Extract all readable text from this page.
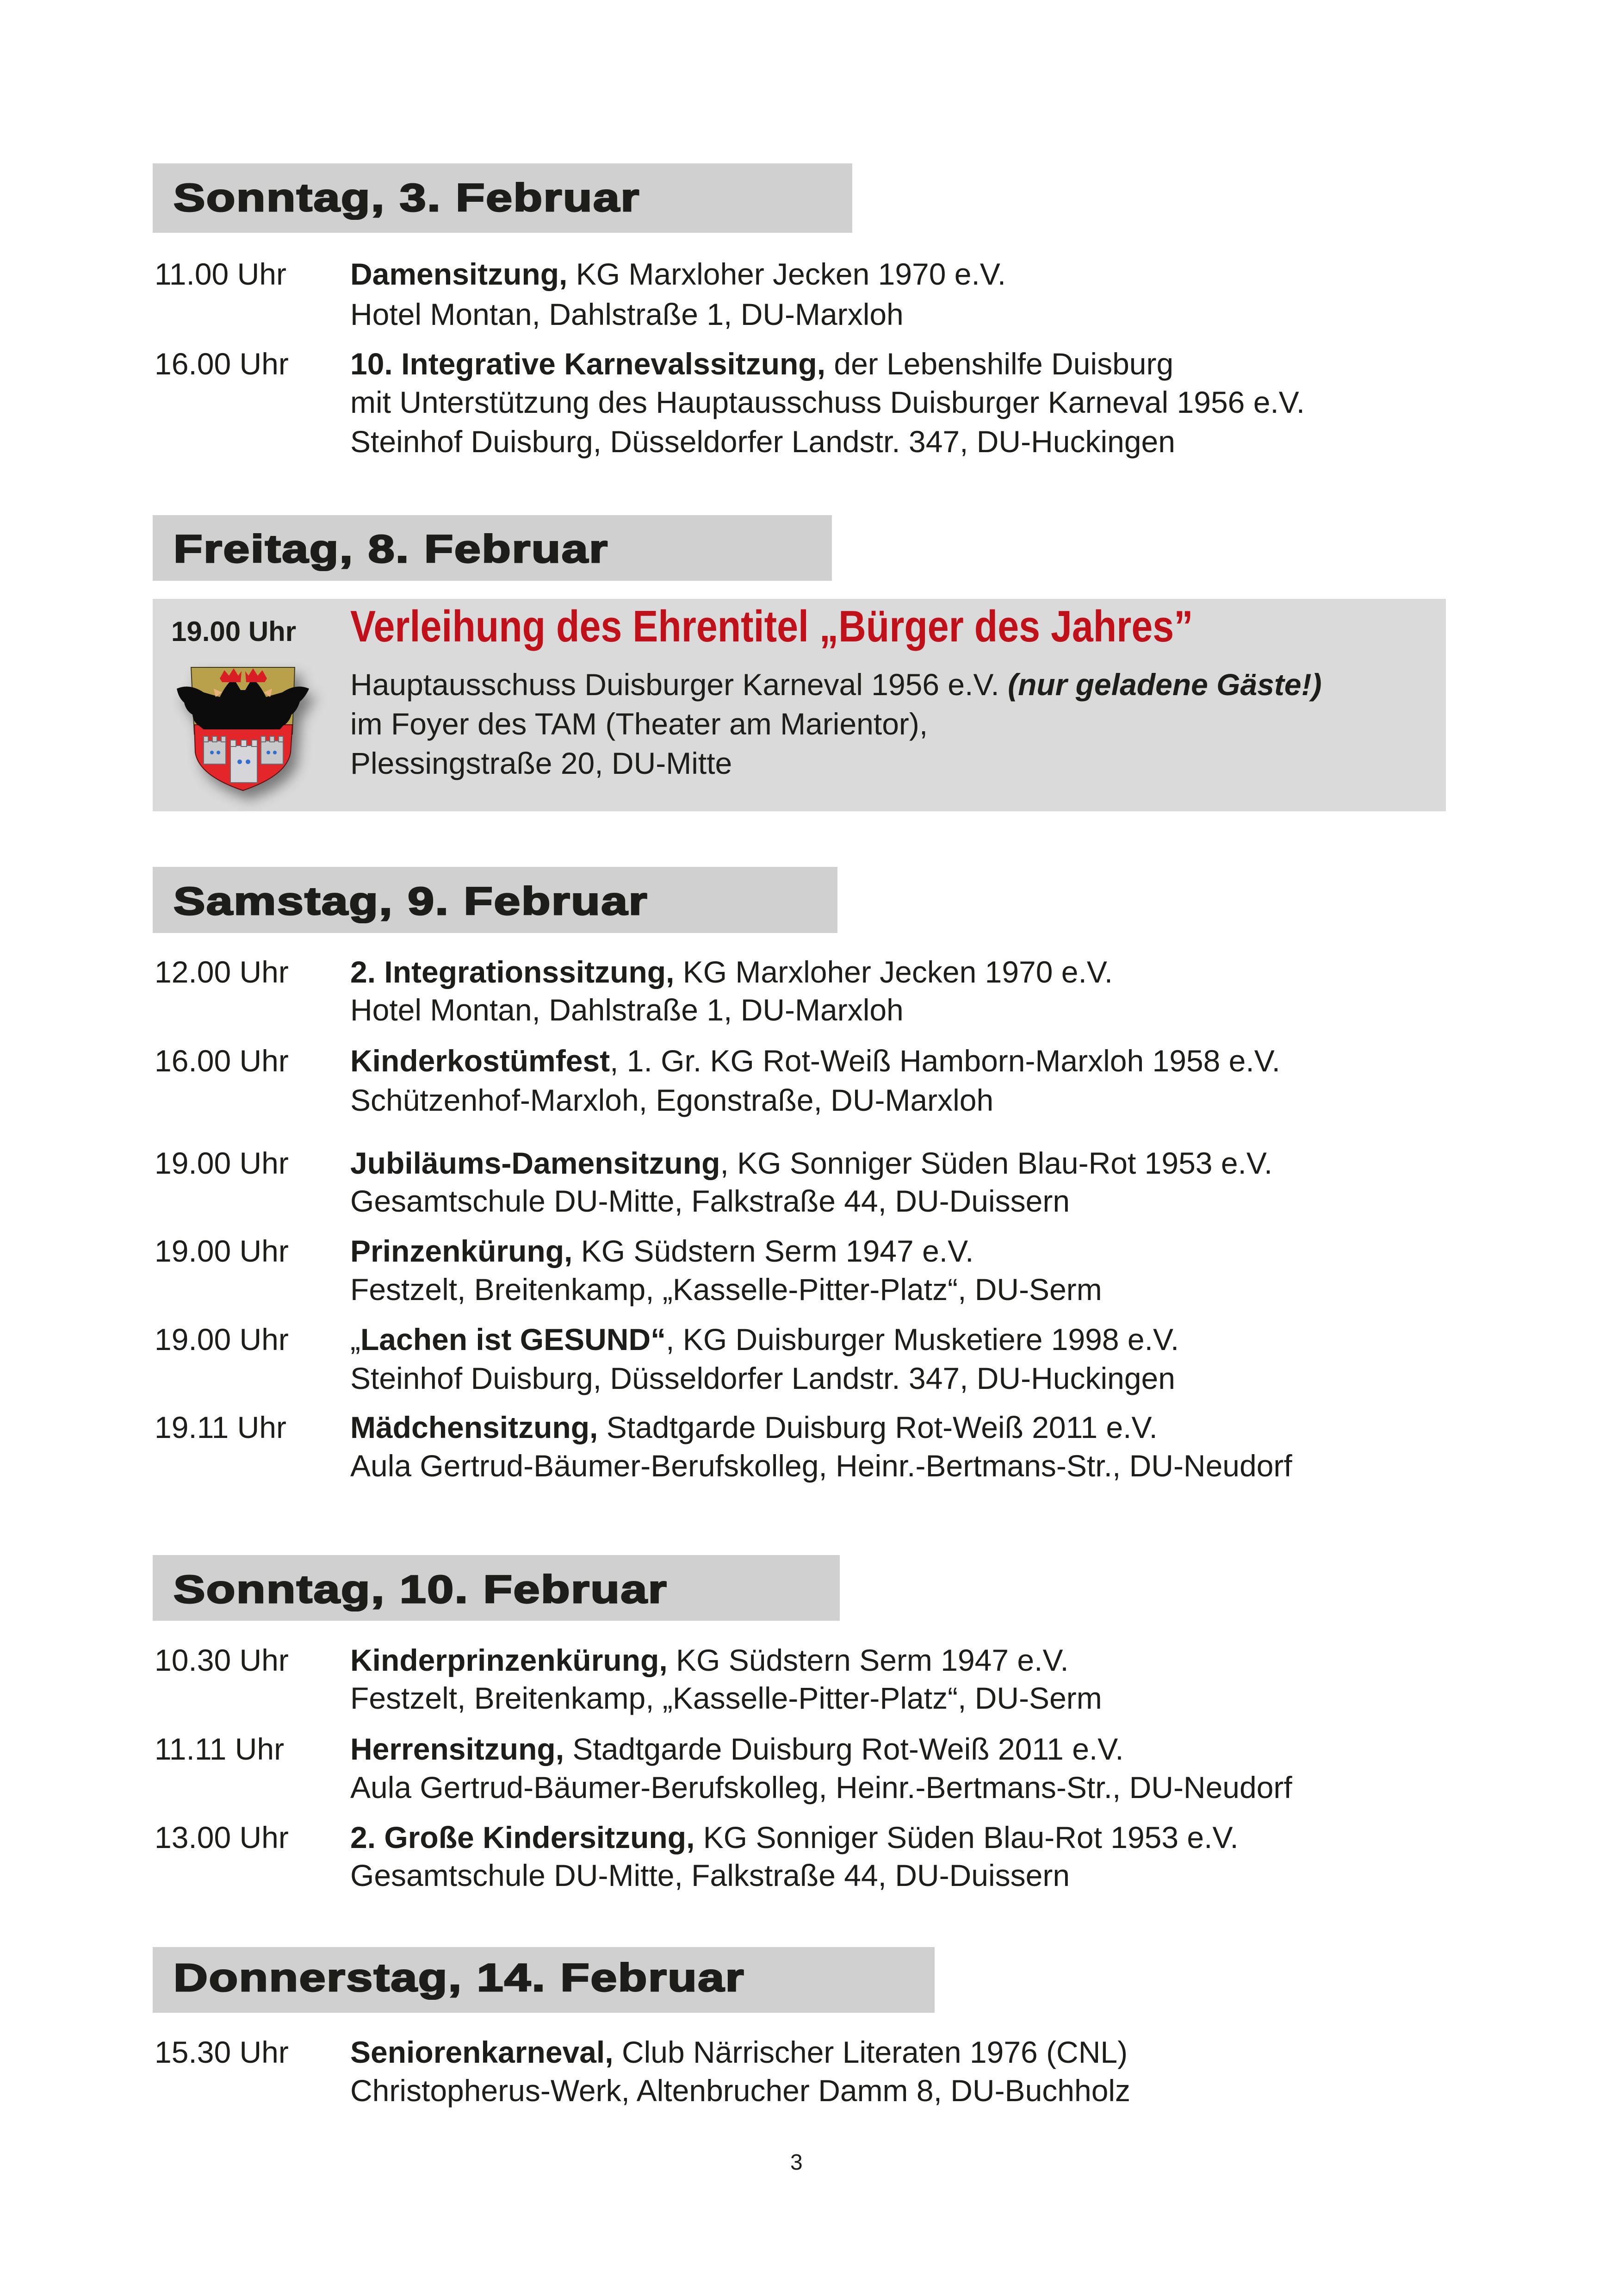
Sonntag, 3. Februar
11.00 Uhr Damensitzung, KG Marxloher Jecken 1970 e.V.
Hotel Montan, Dahlstraße 1, DU-Marxloh
16.00 Uhr 10. Integrative Karnevalssitzung, der Lebenshilfe Duisburg
mit Unterstützung des Hauptausschuss Duisburger Karneval 1956 e.V.
Steinhof Duisburg, Düsseldorfer Landstr. 347, DU-Huckingen
Freitag, 8. Februar
19.00 Uhr Verleihung des Ehrentitel „Bürger des Jahres”
Hauptausschuss Duisburger Karneval 1956 e.V. (nur geladene Gäste!)
im Foyer des TAM (Theater am Marientor),
Plessingstraße 20, DU-Mitte
Samstag, 9. Februar
12.00 Uhr 2. Integrationssitzung, KG Marxloher Jecken 1970 e.V.
Hotel Montan, Dahlstraße 1, DU-Marxloh
16.00 Uhr Kinderkostümfest, 1. Gr. KG Rot-Weiß Hamborn-Marxloh 1958 e.V.
Schützenhof-Marxloh, Egonstraße, DU-Marxloh
19.00 Uhr Jubiläums-Damensitzung, KG Sonniger Süden Blau-Rot 1953 e.V.
Gesamtschule DU-Mitte, Falkstraße 44, DU-Duissern
19.00 Uhr Prinzenkürung, KG Südstern Serm 1947 e.V.
Festzelt, Breitenkamp, „Kasselle-Pitter-Platz“, DU-Serm
19.00 Uhr „Lachen ist GESUND“, KG Duisburger Musketiere 1998 e.V.
Steinhof Duisburg, Düsseldorfer Landstr. 347, DU-Huckingen
19.11 Uhr Mädchensitzung, Stadtgarde Duisburg Rot-Weiß 2011 e.V.
Aula Gertrud-Bäumer-Berufskolleg, Heinr.-Bertmans-Str., DU-Neudorf
Sonntag, 10. Februar
10.30 Uhr Kinderprinzenkürung, KG Südstern Serm 1947 e.V.
Festzelt, Breitenkamp, „Kasselle-Pitter-Platz“, DU-Serm
11.11 Uhr Herrensitzung, Stadtgarde Duisburg Rot-Weiß 2011 e.V.
Aula Gertrud-Bäumer-Berufskolleg, Heinr.-Bertmans-Str., DU-Neudorf
13.00 Uhr 2. Große Kindersitzung, KG Sonniger Süden Blau-Rot 1953 e.V.
Gesamtschule DU-Mitte, Falkstraße 44, DU-Duissern
Donnerstag, 14. Februar
15.30 Uhr Seniorenkarneval, Club Närrischer Literaten 1976 (CNL)
Christopherus-Werk, Altenbrucher Damm 8, DU-Buchholz
3
